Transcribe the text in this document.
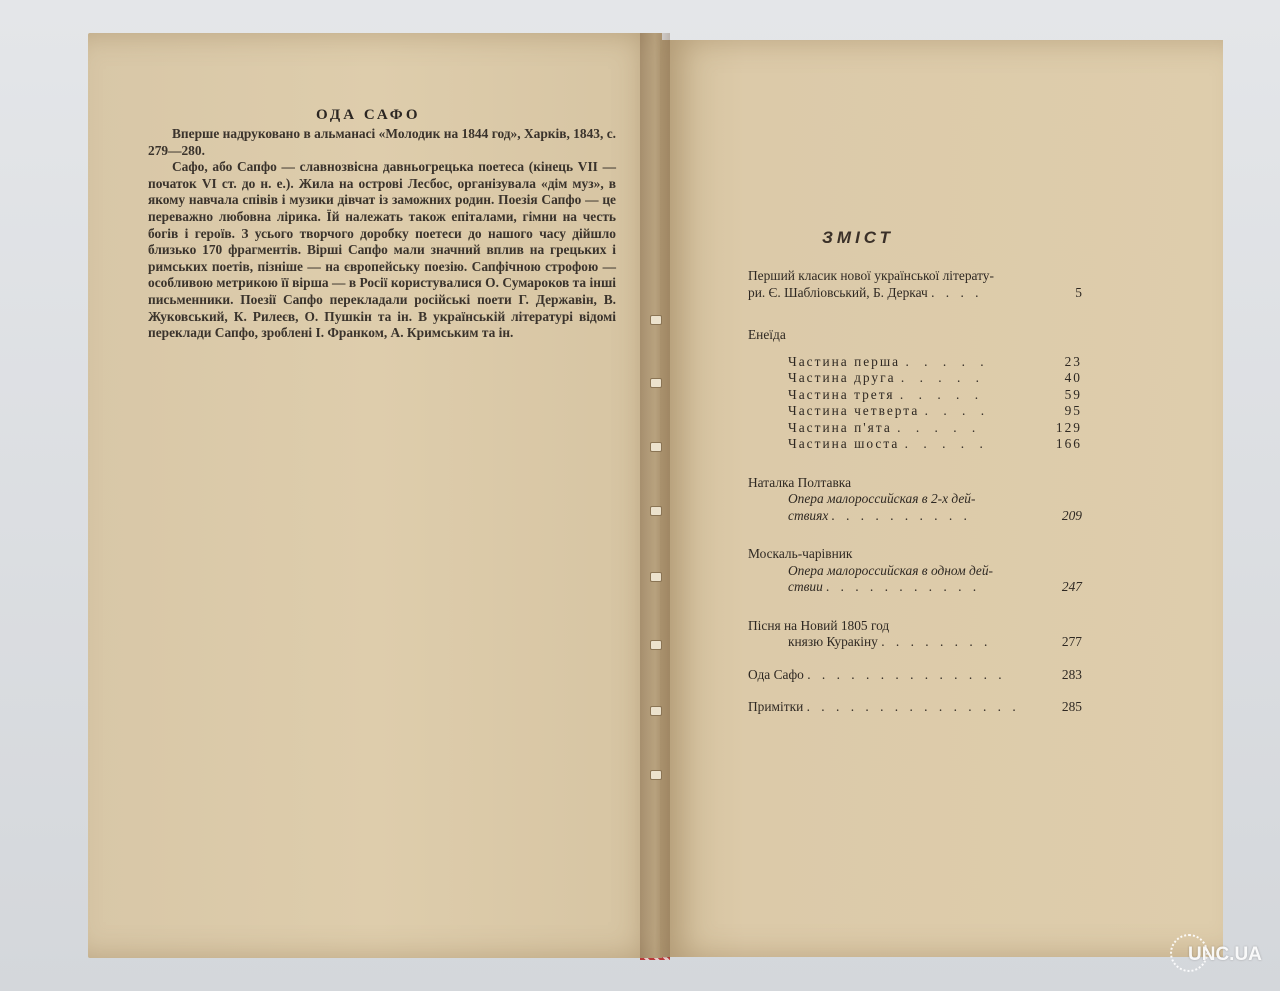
ОДА САФО

Вперше надруковано в альманасі «Молодик на 1844 год», Харків, 1843, с. 279—280.

Сафо, або Сапфо — славнозвісна давньогрецька поетеса (кінець VII — початок VI ст. до н. е.). Жила на острові Лесбос, організувала «дім муз», в якому навчала співів і музики дівчат із заможних родин. Поезія Сапфо — це переважно любовна лірика. Їй належать також епіталами, гімни на честь богів і героїв. З усього творчого доробку поетеси до нашого часу дійшло близько 170 фрагментів. Вірші Сапфо мали значний вплив на грецьких і римських поетів, пізніше — на європейську поезію. Сапфічною строфою — особливою метрикою її вірша — в Росії користувалися О. Сумароков та інші письменники. Поезії Сапфо перекладали російські поети Г. Державін, В. Жуковський, К. Рилеєв, О. Пушкін та ін. В українській літературі відомі переклади Сапфо, зроблені І. Франком, А. Кримським та ін.

ЗМІСТ
Перший класик нової української літерату-
ри. Є. Шабліовський, Б. Деркач . . . .	5
Енеїда
Частина перша . . . . .	23
Частина друга . . . . .	40
Частина третя . . . . .	59
Частина четверта . . . .	95
Частина п'ята . . . . .	129
Частина шоста . . . . .	166
Наталка Полтавка
Опера малороссийская в 2-х дей-
ствиях . . . . . . . . . .	209
Москаль-чарівник
Опера малороссийская в одном дей-
ствии . . . . . . . . . . .	247
Пісня на Новий 1805 год
князю Куракіну . . . . . . . .	277
Ода Сафо . . . . . . . . . . . . . .	283
Примітки . . . . . . . . . . . . . . .	285
UNC.UA
